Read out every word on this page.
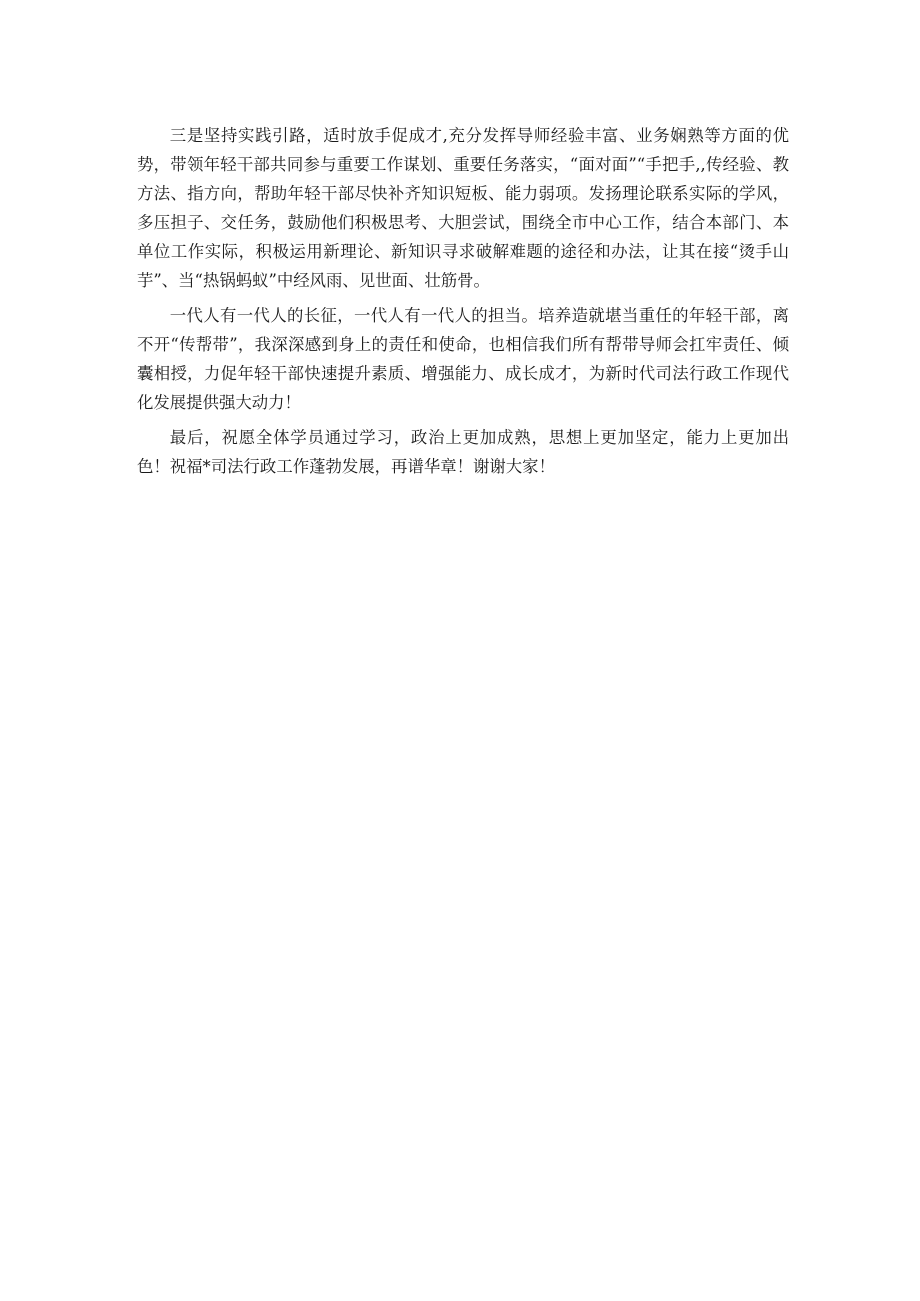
三是坚持实践引路，适时放手促成才,充分发挥导师经验丰富、业务娴熟等方面的优势，带领年轻干部共同参与重要工作谋划、重要任务落实，“面对面”“手把手,,传经验、教方法、指方向，帮助年轻干部尽快补齐知识短板、能力弱项。发扬理论联系实际的学风，多压担子、交任务，鼓励他们积极思考、大胆尝试，围绕全市中心工作，结合本部门、本单位工作实际，积极运用新理论、新知识寻求破解难题的途径和办法，让其在接“烫手山芋”、当“热锅蚂蚁”中经风雨、见世面、壮筋骨。

一代人有一代人的长征，一代人有一代人的担当。培养造就堪当重任的年轻干部，离不开“传帮带”，我深深感到身上的责任和使命，也相信我们所有帮带导师会扛牢责任、倾囊相授，力促年轻干部快速提升素质、增强能力、成长成才，为新时代司法行政工作现代化发展提供强大动力！

最后，祝愿全体学员通过学习，政治上更加成熟，思想上更加坚定，能力上更加出色！祝福*司法行政工作蓬勃发展，再谱华章！谢谢大家！
